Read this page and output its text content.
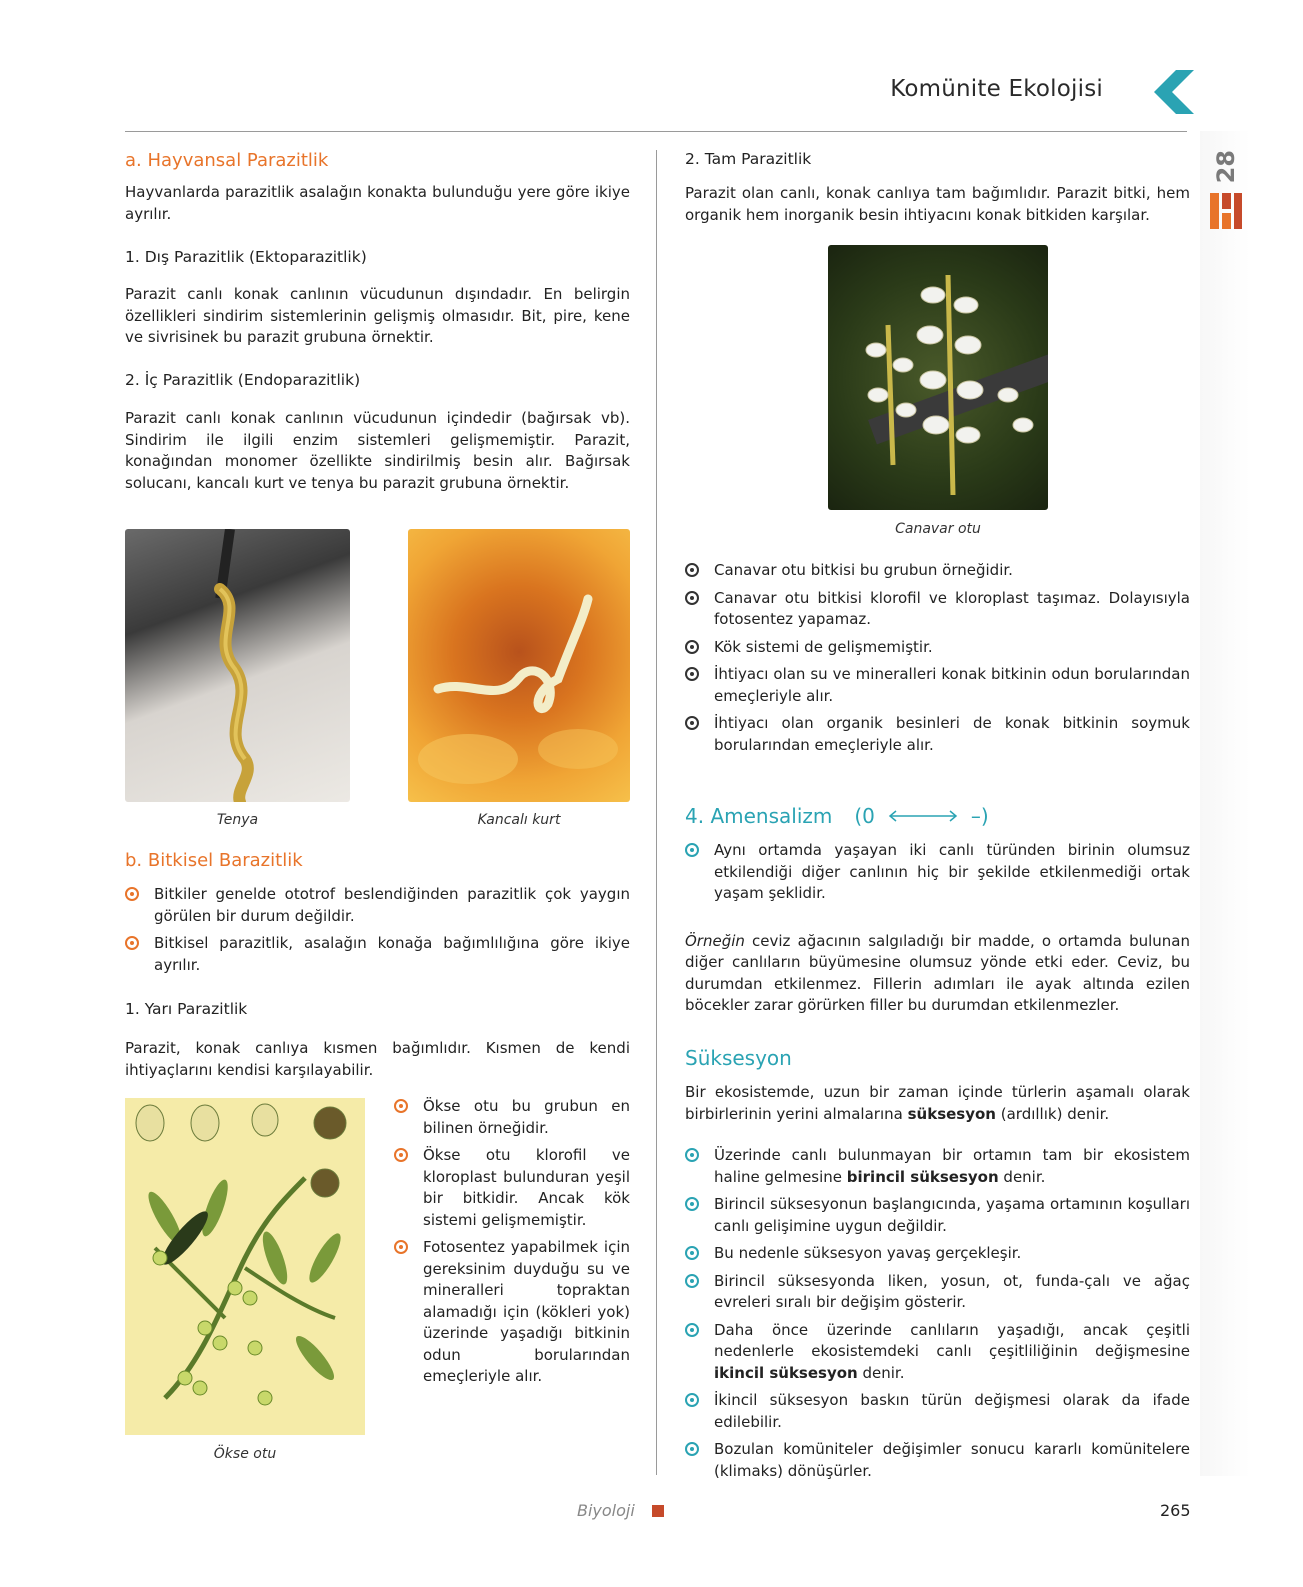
Komünite Ekolojisi
28
a. Hayvansal Parazitlik

Hayvanlarda parazitlik asalağın konakta bulunduğu yere göre ikiye ayrılır.

1. Dış Parazitlik (Ektoparazitlik)

Parazit canlı konak canlının vücudunun dışındadır. En belirgin özellikleri sindirim sistemlerinin gelişmiş olmasıdır. Bit, pire, kene ve sivrisinek bu parazit grubuna örnektir.

2. İç Parazitlik (Endoparazitlik)

Parazit canlı konak canlının vücudunun içindedir (bağırsak vb). Sindirim ile ilgili enzim sistemleri gelişmemiştir. Parazit, konağından monomer özellikte sindirilmiş besin alır. Bağırsak solucanı, kancalı kurt ve tenya bu parazit grubuna örnektir.

Tenya	Kancalı kurt
b. Bitkisel Barazitlik
Bitkiler genelde ototrof beslendiğinden parazitlik çok yaygın görülen bir durum değildir.
Bitkisel parazitlik, asalağın konağa bağımlılığına göre ikiye ayrılır.
1. Yarı Parazitlik

Parazit, konak canlıya kısmen bağımlıdır. Kısmen de kendi ihtiyaçlarını kendisi karşılayabilir.

Ökse otu
Ökse otu bu grubun en bilinen örneğidir.
Ökse otu klorofil ve kloroplast bulunduran yeşil bir bitkidir. Ancak kök sistemi gelişmemiştir.
Fotosentez yapabilmek için gereksinim duyduğu su ve mineralleri topraktan alamadığı için (kökleri yok) üzerinde yaşadığı bitkinin odun borularından emeçleriyle alır.
2. Tam Parazitlik

Parazit olan canlı, konak canlıya tam bağımlıdır. Parazit bitki, hem organik hem inorganik besin ihtiyacını konak bitkiden karşılar.

Canavar otu
Canavar otu bitkisi bu grubun örneğidir.
Canavar otu bitkisi klorofil ve kloroplast taşımaz. Dolayısıyla fotosentez yapamaz.
Kök sistemi de gelişmemiştir.
İhtiyacı olan su ve mineralleri konak bitkinin odun borularından emeçleriyle alır.
İhtiyacı olan organik besinleri de konak bitkinin soymuk borularından emeçleriyle alır.
4. Amensalizm (0	–)
Aynı ortamda yaşayan iki canlı türünden birinin olumsuz etkilendiği diğer canlının hiç bir şekilde etkilenmediği ortak yaşam şeklidir.

Örneğin ceviz ağacının salgıladığı bir madde, o ortamda bulunan diğer canlıların büyümesine olumsuz yönde etki eder. Ceviz, bu durumdan etkilenmez. Fillerin adımları ile ayak altında ezilen böcekler zarar görürken filler bu durumdan etkilenmezler.

Süksesyon

Bir ekosistemde, uzun bir zaman içinde türlerin aşamalı olarak birbirlerinin yerini almalarına süksesyon (ardıllık) denir.

Üzerinde canlı bulunmayan bir ortamın tam bir ekosistem haline gelmesine birincil süksesyon denir.
Birincil süksesyonun başlangıcında, yaşama ortamının koşulları canlı gelişimine uygun değildir.
Bu nedenle süksesyon yavaş gerçekleşir.
Birincil süksesyonda liken, yosun, ot, funda-çalı ve ağaç evreleri sıralı bir değişim gösterir.
Daha önce üzerinde canlıların yaşadığı, ancak çeşitli nedenlerle ekosistemdeki canlı çeşitliliğinin değişmesine ikincil süksesyon denir.
İkincil süksesyon baskın türün değişmesi olarak da ifade edilebilir.
Bozulan komüniteler değişimler sonucu kararlı komünitelere (klimaks) dönüşürler.
Biyoloji	265
